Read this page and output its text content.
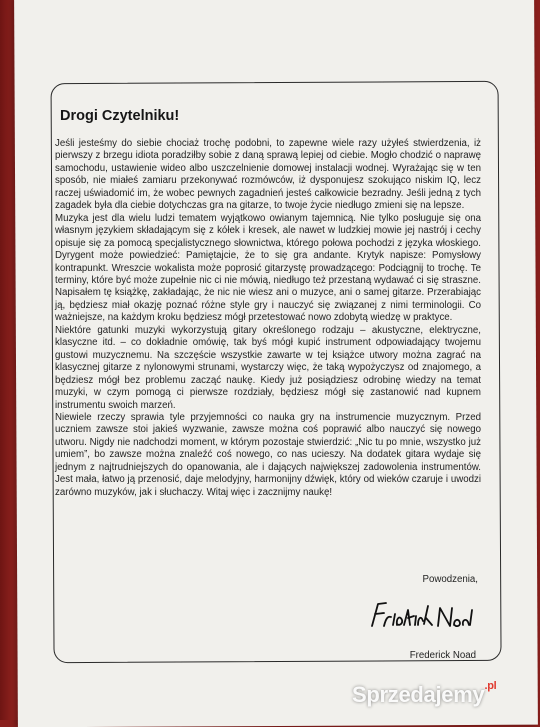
Drogi Czytelniku!

Jeśli jesteśmy do siebie chociaż trochę podobni, to zapewne wiele razy użyłeś stwierdzenia, iż pierwszy z brzegu idiota poradziłby sobie z daną sprawą lepiej od ciebie. Mogło chodzić o naprawę samochodu, ustawienie wideo albo uszczelnienie domowej instalacji wodnej. Wyrażając się w ten sposób, nie miałeś zamiaru przekonywać rozmówców, iż dysponujesz szokująco niskim IQ, lecz raczej uświadomić im, że wobec pewnych zagadnień jesteś całkowicie bezradny. Jeśli jedną z tych zagadek była dla ciebie dotychczas gra na gitarze, to twoje życie niedługo zmieni się na lepsze.

Muzyka jest dla wielu ludzi tematem wyjątkowo owianym tajemnicą. Nie tylko posługuje się ona własnym językiem składającym się z kółek i kresek, ale nawet w ludzkiej mowie jej nastrój i cechy opisuje się za pomocą specjalistycznego słownictwa, którego połowa pochodzi z języka włoskiego. Dyrygent może powiedzieć: Pamiętajcie, że to się gra andante. Krytyk napisze: Pomysłowy kontrapunkt. Wreszcie wokalista może poprosić gitarzystę prowadzącego: Podciągnij to trochę. Te terminy, które być może zupełnie nic ci nie mówią, niedługo też przestaną wydawać ci się straszne. Napisałem tę książkę, zakładając, że nic nie wiesz ani o muzyce, ani o samej gitarze. Przerabiając ją, będziesz miał okazję poznać różne style gry i nauczyć się związanej z nimi terminologii. Co ważniejsze, na każdym kroku będziesz mógł przetestować nowo zdobytą wiedzę w praktyce.

Niektóre gatunki muzyki wykorzystują gitary określonego rodzaju – akustyczne, elektryczne, klasyczne itd. – co dokładnie omówię, tak byś mógł kupić instrument odpowiadający twojemu gustowi muzycznemu. Na szczęście wszystkie zawarte w tej książce utwory można zagrać na klasycznej gitarze z nylonowymi strunami, wystarczy więc, że taką wypożyczysz od znajomego, a będziesz mógł bez problemu zacząć naukę. Kiedy już posiądziesz odrobinę wiedzy na temat muzyki, w czym pomogą ci pierwsze rozdziały, będziesz mógł się zastanowić nad kupnem instrumentu swoich marzeń.

Niewiele rzeczy sprawia tyle przyjemności co nauka gry na instrumencie muzycznym. Przed uczniem zawsze stoi jakieś wyzwanie, zawsze można coś poprawić albo nauczyć się nowego utworu. Nigdy nie nadchodzi moment, w którym pozostaje stwierdzić: „Nic tu po mnie, wszystko już umiem”, bo zawsze można znaleźć coś nowego, co nas ucieszy. Na dodatek gitara wydaje się jednym z najtrudniejszych do opanowania, ale i dających największej zadowolenia instrumentów. Jest mała, łatwo ją przenosić, daje melodyjny, harmonijny dźwięk, który od wieków czaruje i uwodzi zarówno muzyków, jak i słuchaczy. Witaj więc i zacznijmy naukę!

Powodzenia,
Frederick Noad
Sprzedajemy$^{.pl}$
